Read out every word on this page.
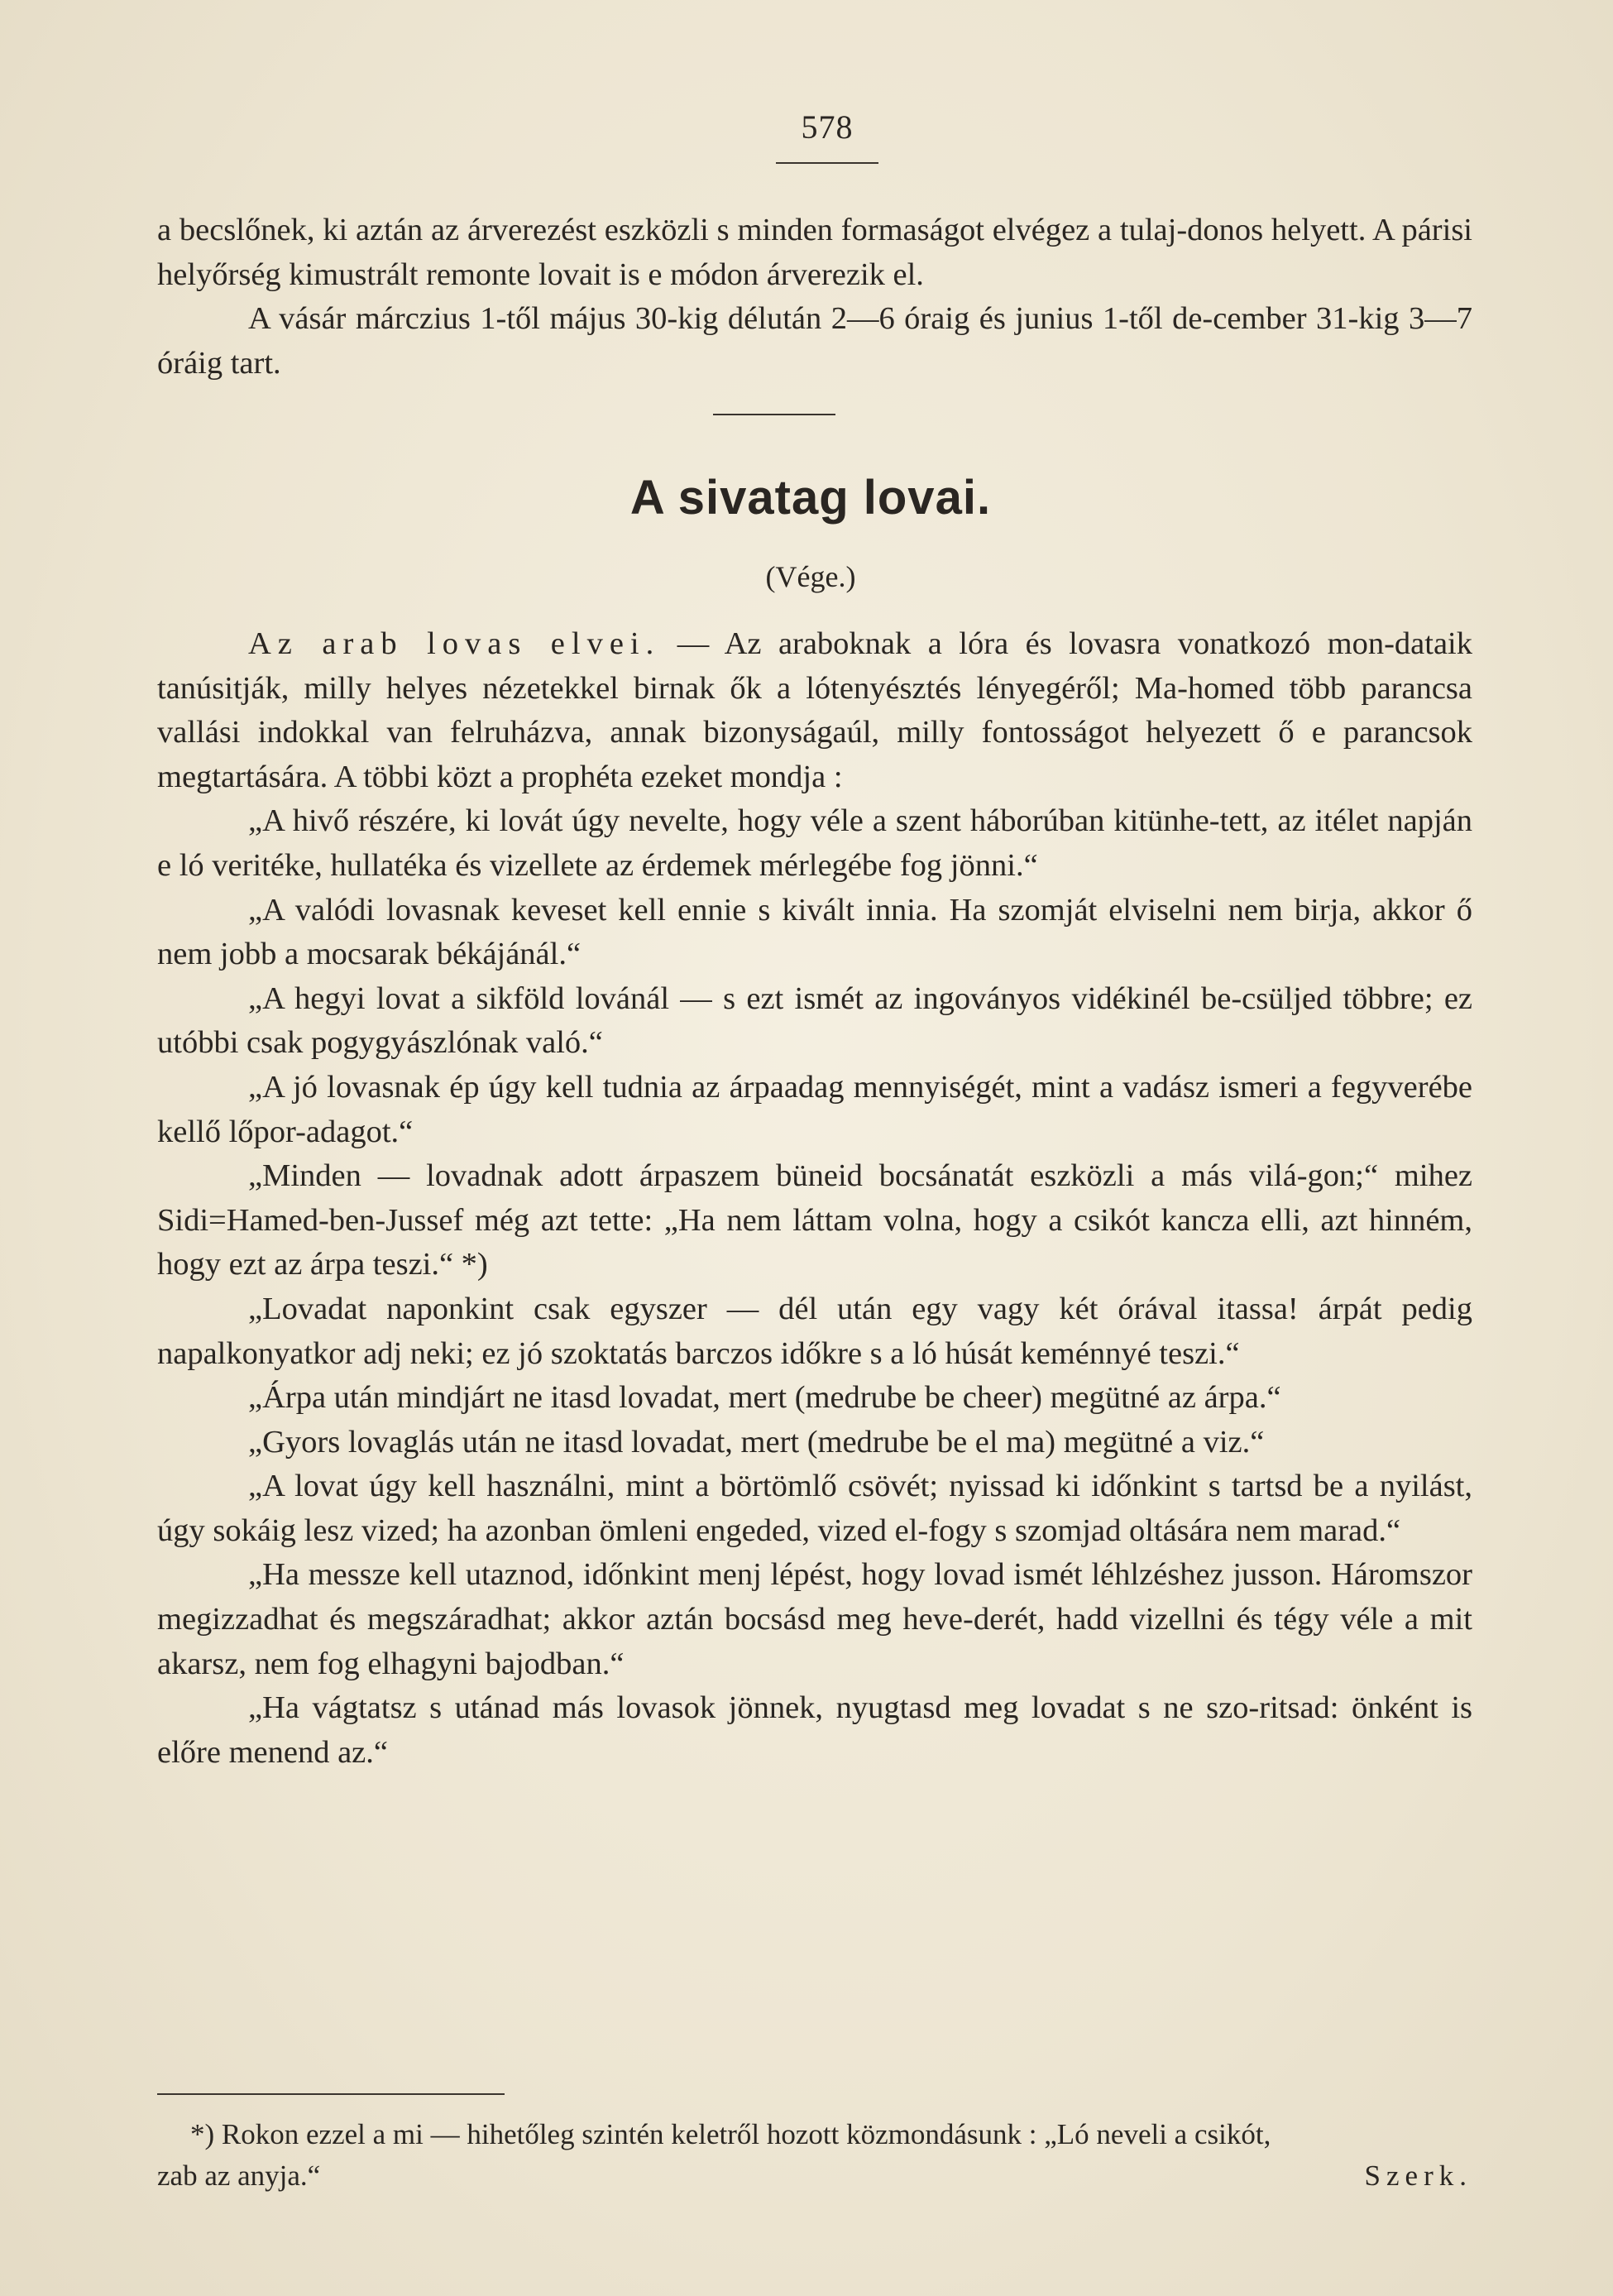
578

a becslőnek, ki aztán az árverezést eszközli s minden formaságot elvégez a tulaj-donos helyett. A párisi helyőrség kimustrált remonte lovait is e módon árverezik el.

A vásár márczius 1-től május 30-kig délután 2—6 óraig és junius 1-től de-cember 31-kig 3—7 óráig tart.

A sivatag lovai.
(Vége.)

Az arab lovas elvei. — Az araboknak a lóra és lovasra vonatkozó mon-dataik tanúsitják, milly helyes nézetekkel birnak ők a lótenyésztés lényegéről; Ma-homed több parancsa vallási indokkal van felruházva, annak bizonyságaúl, milly fontosságot helyezett ő e parancsok megtartására. A többi közt a prophéta ezeket mondja :

„A hivő részére, ki lovát úgy nevelte, hogy véle a szent háborúban kitünhe-tett, az itélet napján e ló veritéke, hullatéka és vizellete az érdemek mérlegébe fog jönni.“

„A valódi lovasnak keveset kell ennie s kivált innia. Ha szomját elviselni nem birja, akkor ő nem jobb a mocsarak békájánál.“

„A hegyi lovat a sikföld lovánál — s ezt ismét az ingoványos vidékinél be-csüljed többre; ez utóbbi csak pogygyászlónak való.“

„A jó lovasnak ép úgy kell tudnia az árpaadag mennyiségét, mint a vadász ismeri a fegyverébe kellő lőpor-adagot.“

„Minden — lovadnak adott árpaszem büneid bocsánatát eszközli a más vilá-gon;“ mihez Sidi=Hamed-ben-Jussef még azt tette: „Ha nem láttam volna, hogy a csikót kancza elli, azt hinném, hogy ezt az árpa teszi.“ *)

„Lovadat naponkint csak egyszer — dél után egy vagy két órával itassa! árpát pedig napalkonyatkor adj neki; ez jó szoktatás barczos időkre s a ló húsát keménnyé teszi.“

„Árpa után mindjárt ne itasd lovadat, mert (medrube be cheer) megütné az árpa.“

„Gyors lovaglás után ne itasd lovadat, mert (medrube be el ma) megütné a viz.“

„A lovat úgy kell használni, mint a börtömlő csövét; nyissad ki időnkint s tartsd be a nyilást, úgy sokáig lesz vized; ha azonban ömleni engeded, vized el-fogy s szomjad oltására nem marad.“

„Ha messze kell utaznod, időnkint menj lépést, hogy lovad ismét léhlzéshez jusson. Háromszor megizzadhat és megszáradhat; akkor aztán bocsásd meg heve-derét, hadd vizellni és tégy véle a mit akarsz, nem fog elhagyni bajodban.“

„Ha vágtatsz s utánad más lovasok jönnek, nyugtasd meg lovadat s ne szo-ritsad: önként is előre menend az.“

*) Rokon ezzel a mi — hihetőleg szintén keletről hozott közmondásunk : „Ló neveli a csikót,
zab az anyja.“	Szerk.
